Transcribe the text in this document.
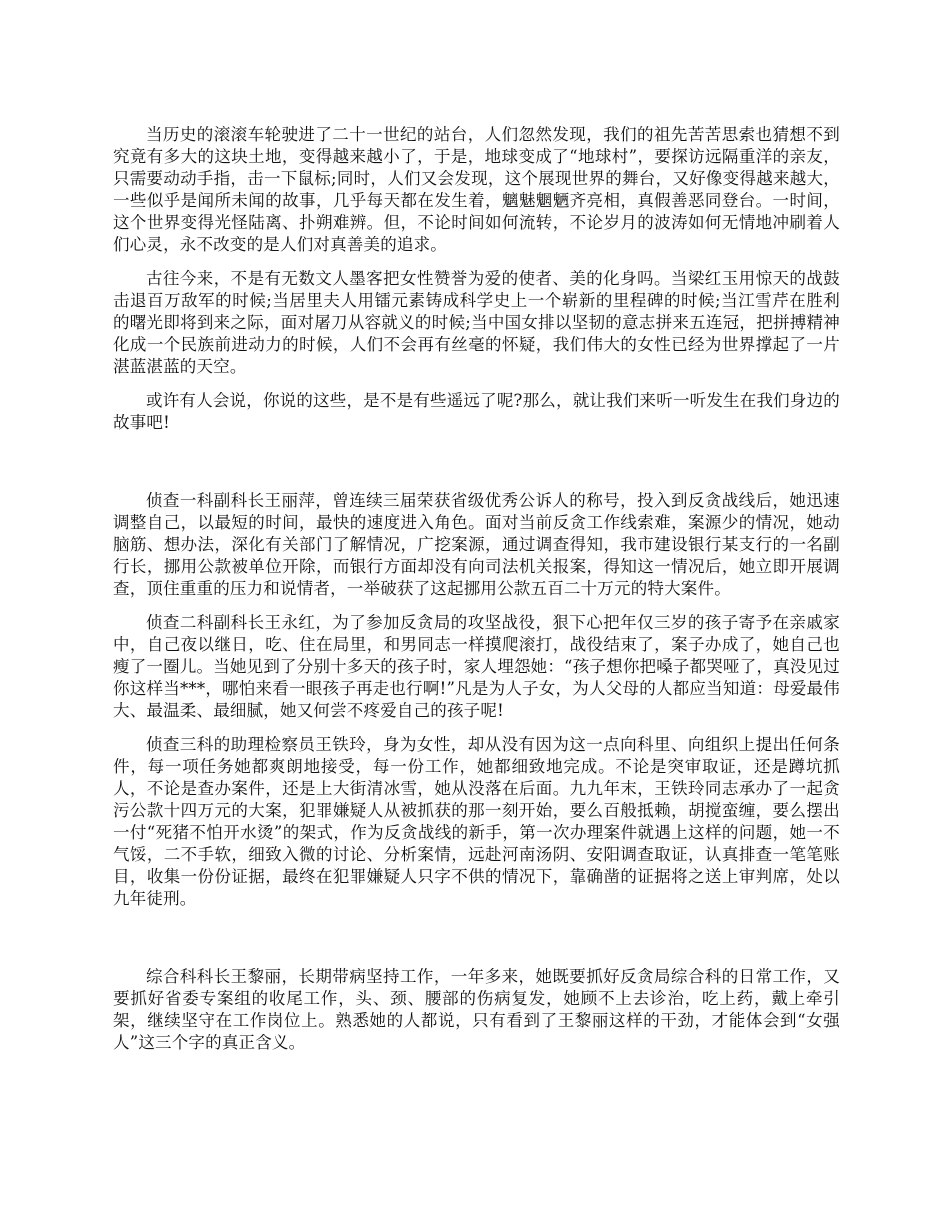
当历史的滚滚车轮驶进了二十一世纪的站台，人们忽然发现，我们的祖先苦苦思索也猜想不到究竟有多大的这块土地，变得越来越小了，于是，地球变成了“地球村”，要探访远隔重洋的亲友，只需要动动手指，击一下鼠标;同时，人们又会发现，这个展现世界的舞台，又好像变得越来越大，一些似乎是闻所未闻的故事，几乎每天都在发生着，魑魅魍魉齐亮相，真假善恶同登台。一时间，这个世界变得光怪陆离、扑朔难辨。但，不论时间如何流转，不论岁月的波涛如何无情地冲刷着人们心灵，永不改变的是人们对真善美的追求。

古往今来，不是有无数文人墨客把女性赞誉为爱的使者、美的化身吗。当梁红玉用惊天的战鼓击退百万敌军的时候;当居里夫人用镭元素铸成科学史上一个崭新的里程碑的时候;当江雪芹在胜利的曙光即将到来之际，面对屠刀从容就义的时候;当中国女排以坚韧的意志拼来五连冠，把拼搏精神化成一个民族前进动力的时候，人们不会再有丝毫的怀疑，我们伟大的女性已经为世界撑起了一片湛蓝湛蓝的天空。

或许有人会说，你说的这些，是不是有些遥远了呢?那么，就让我们来听一听发生在我们身边的故事吧!

侦查一科副科长王丽萍，曾连续三届荣获省级优秀公诉人的称号，投入到反贪战线后，她迅速调整自己，以最短的时间，最快的速度进入角色。面对当前反贪工作线索难，案源少的情况，她动脑筋、想办法，深化有关部门了解情况，广挖案源，通过调查得知，我市建设银行某支行的一名副行长，挪用公款被单位开除，而银行方面却没有向司法机关报案，得知这一情况后，她立即开展调查，顶住重重的压力和说情者，一举破获了这起挪用公款五百二十万元的特大案件。

侦查二科副科长王永红，为了参加反贪局的攻坚战役，狠下心把年仅三岁的孩子寄予在亲戚家中，自己夜以继日，吃、住在局里，和男同志一样摸爬滚打，战役结束了，案子办成了，她自己也瘦了一圈儿。当她见到了分别十多天的孩子时，家人埋怨她：“孩子想你把嗓子都哭哑了，真没见过你这样当***，哪怕来看一眼孩子再走也行啊!”凡是为人子女，为人父母的人都应当知道：母爱最伟大、最温柔、最细腻，她又何尝不疼爱自己的孩子呢!

侦查三科的助理检察员王铁玲，身为女性，却从没有因为这一点向科里、向组织上提出任何条件，每一项任务她都爽朗地接受，每一份工作，她都细致地完成。不论是突审取证，还是蹲坑抓人，不论是查办案件，还是上大街清冰雪，她从没落在后面。九九年末，王铁玲同志承办了一起贪污公款十四万元的大案，犯罪嫌疑人从被抓获的那一刻开始，要么百般抵赖，胡搅蛮缠，要么摆出一付“死猪不怕开水烫”的架式，作为反贪战线的新手，第一次办理案件就遇上这样的问题，她一不气馁，二不手软，细致入微的讨论、分析案情，远赴河南汤阴、安阳调查取证，认真排查一笔笔账目，收集一份份证据，最终在犯罪嫌疑人只字不供的情况下，靠确凿的证据将之送上审判席，处以九年徒刑。

综合科科长王黎丽，长期带病坚持工作，一年多来，她既要抓好反贪局综合科的日常工作，又要抓好省委专案组的收尾工作，头、颈、腰部的伤病复发，她顾不上去诊治，吃上药，戴上牵引架，继续坚守在工作岗位上。熟悉她的人都说，只有看到了王黎丽这样的干劲，才能体会到“女强人”这三个字的真正含义。
